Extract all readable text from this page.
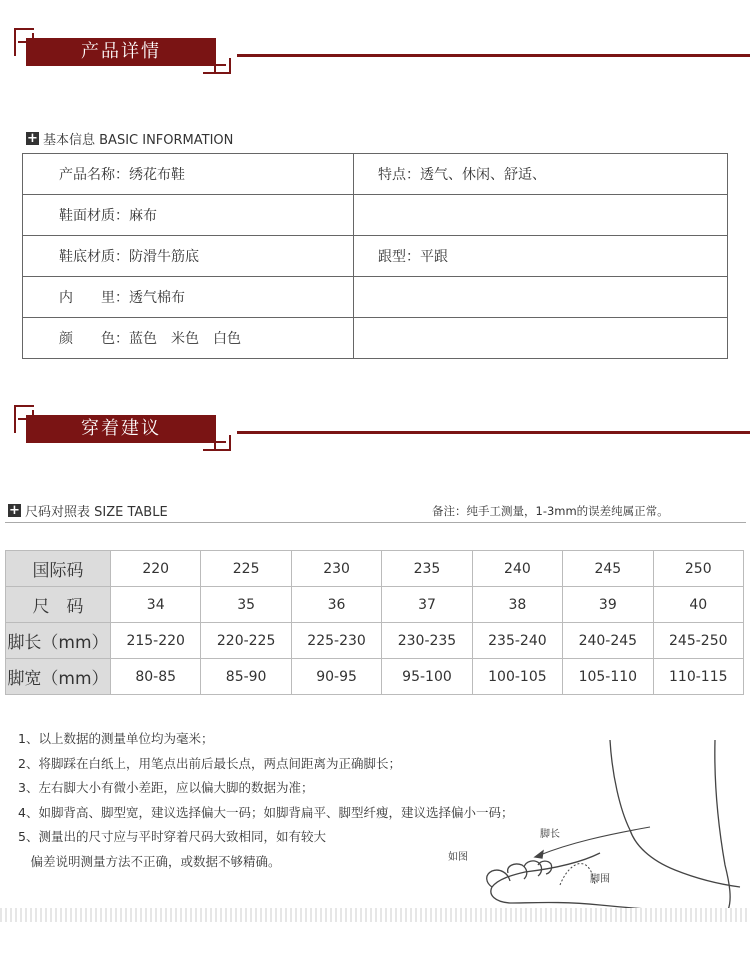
产品详情
+ 基本信息 BASIC INFORMATION
产品名称：绣花布鞋	特点：透气、休闲、舒适、
鞋面材质：麻布	
鞋底材质：防滑牛筋底	跟型：平跟
内　　里：透气棉布	
颜　　色：蓝色　米色　白色	
穿着建议
+ 尺码对照表 SIZE TABLE	备注：纯手工测量，1-3mm的误差纯属正常。
国际码	220	225	230	235	240	245	250
尺　码	34	35	36	37	38	39	40
脚长（mm）	215-220	220-225	225-230	230-235	235-240	240-245	245-250
脚宽（mm）	80-85	85-90	90-95	95-100	100-105	105-110	110-115
1、以上数据的测量单位均为毫米；
2、将脚踩在白纸上，用笔点出前后最长点，两点间距离为正确脚长；
3、左右脚大小有微小差距，应以偏大脚的数据为准；
4、如脚背高、脚型宽，建议选择偏大一码；如脚背扁平、脚型纤瘦，建议选择偏小一码；
5、测量出的尺寸应与平时穿着尺码大致相同，如有较大
　偏差说明测量方法不正确，或数据不够精确。
脚长
如图
脚围
